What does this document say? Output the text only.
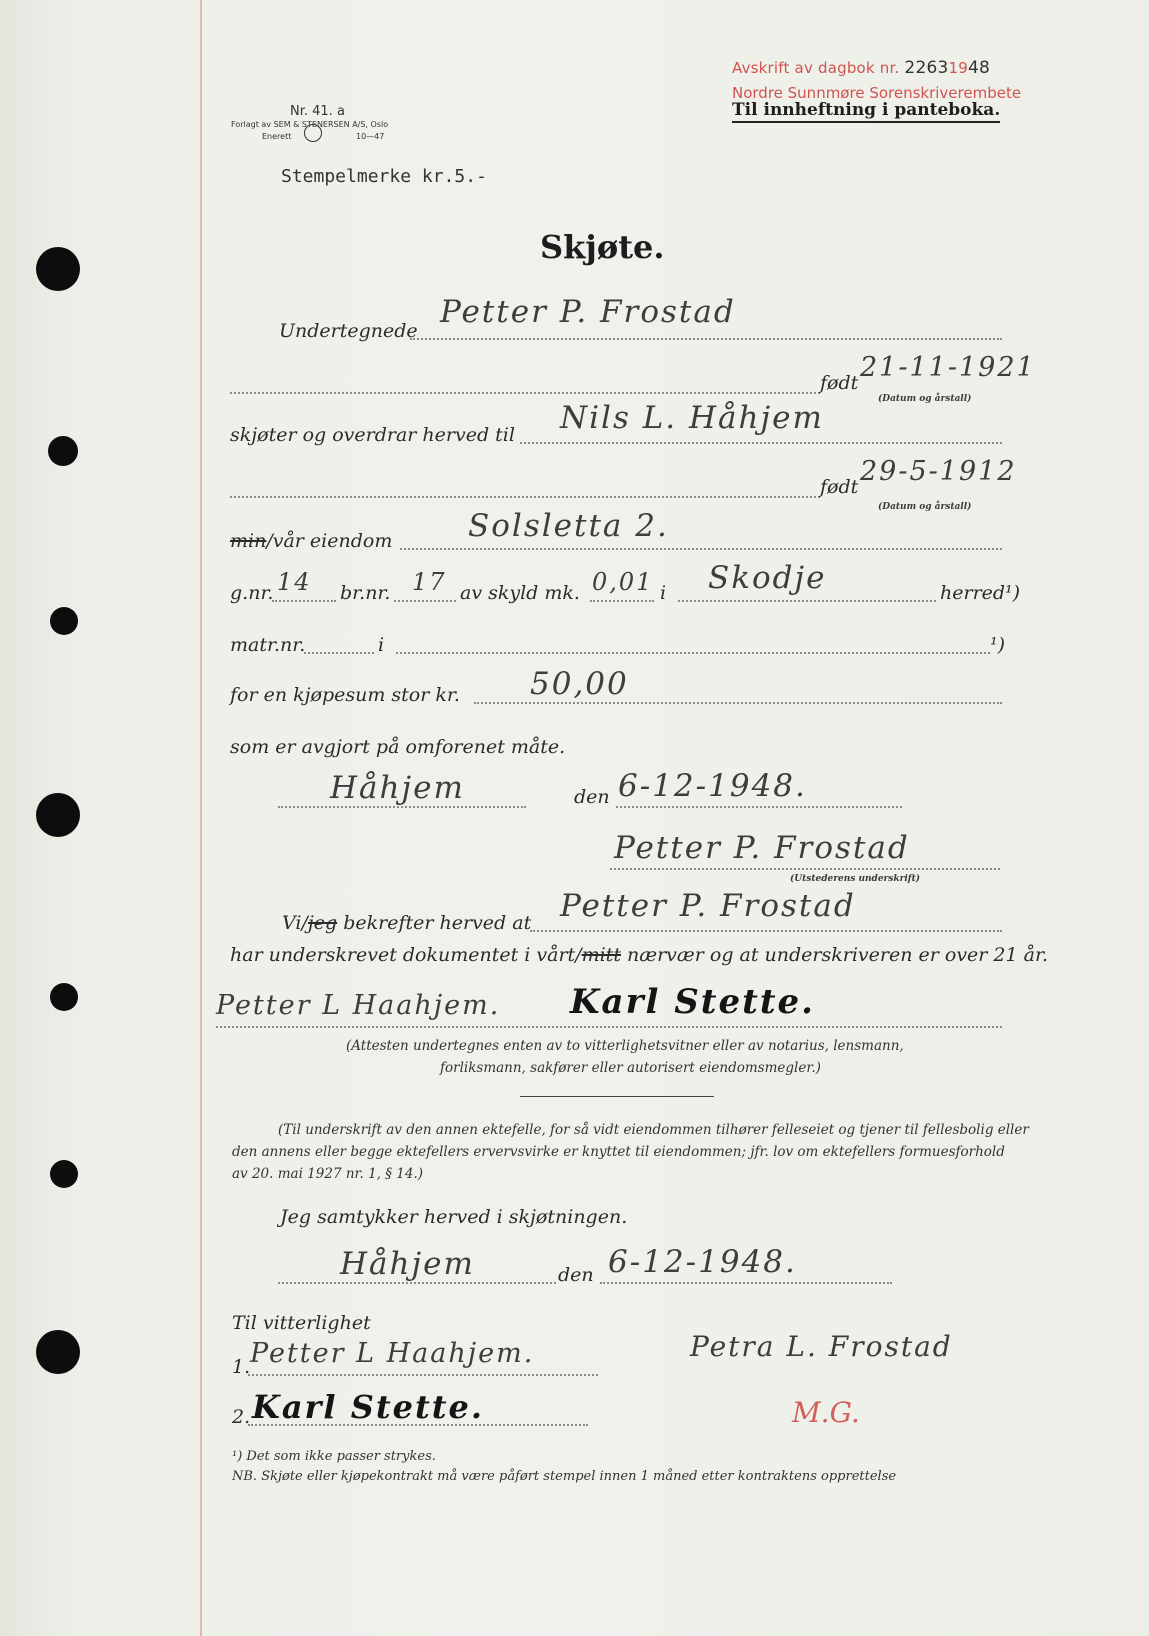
Avskrift av dagbok nr. 22631948
Nordre Sunnmøre Sorenskriverembete
Til innheftning i panteboka.
Nr. 41. a
Forlagt av SEM & STENERSEN A/S, Oslo
Enerett	10—47
Stempelmerke kr.5.-
Skjøte.
Undertegnede
Petter P. Frostad
født 21-11-1921
(Datum og årstall)
skjøter og overdrar herved til Nils L. Håhjem
født 29-5-1912
(Datum og årstall)
min/vår eiendom Solsletta 2.
g.nr. 14 br.nr. 17 av skyld mk. 0,01 i Skodje	herred¹)
matr.nr.	i	¹)
for en kjøpesum stor kr. 50,00
som er avgjort på omforenet måte.
Håhjem	den 6-12-1948.
Petter P. Frostad
(Utstederens underskrift)
Vi/jeg bekrefter herved at Petter P. Frostad
har underskrevet dokumentet i vårt/mitt nærvær og at underskriveren er over 21 år.
Petter L Haahjem. Karl Stette.
(Attesten undertegnes enten av to vitterlighetsvitner eller av notarius, lensmann,
forliksmann, sakfører eller autorisert eiendomsmegler.)
(Til underskrift av den annen ektefelle, for så vidt eiendommen tilhører felleseiet og tjener til fellesbolig eller
den annens eller begge ektefellers ervervsvirke er knyttet til eiendommen; jfr. lov om ektefellers formuesforhold
av 20. mai 1927 nr. 1, § 14.)
Jeg samtykker herved i skjøtningen.
Håhjem	den 6-12-1948.
Til vitterlighet
1. Petter L Haahjem.	Petra L. Frostad
2. Karl Stette.	M.G.
¹) Det som ikke passer strykes.
NB. Skjøte eller kjøpekontrakt må være påført stempel innen 1 måned etter kontraktens opprettelse
